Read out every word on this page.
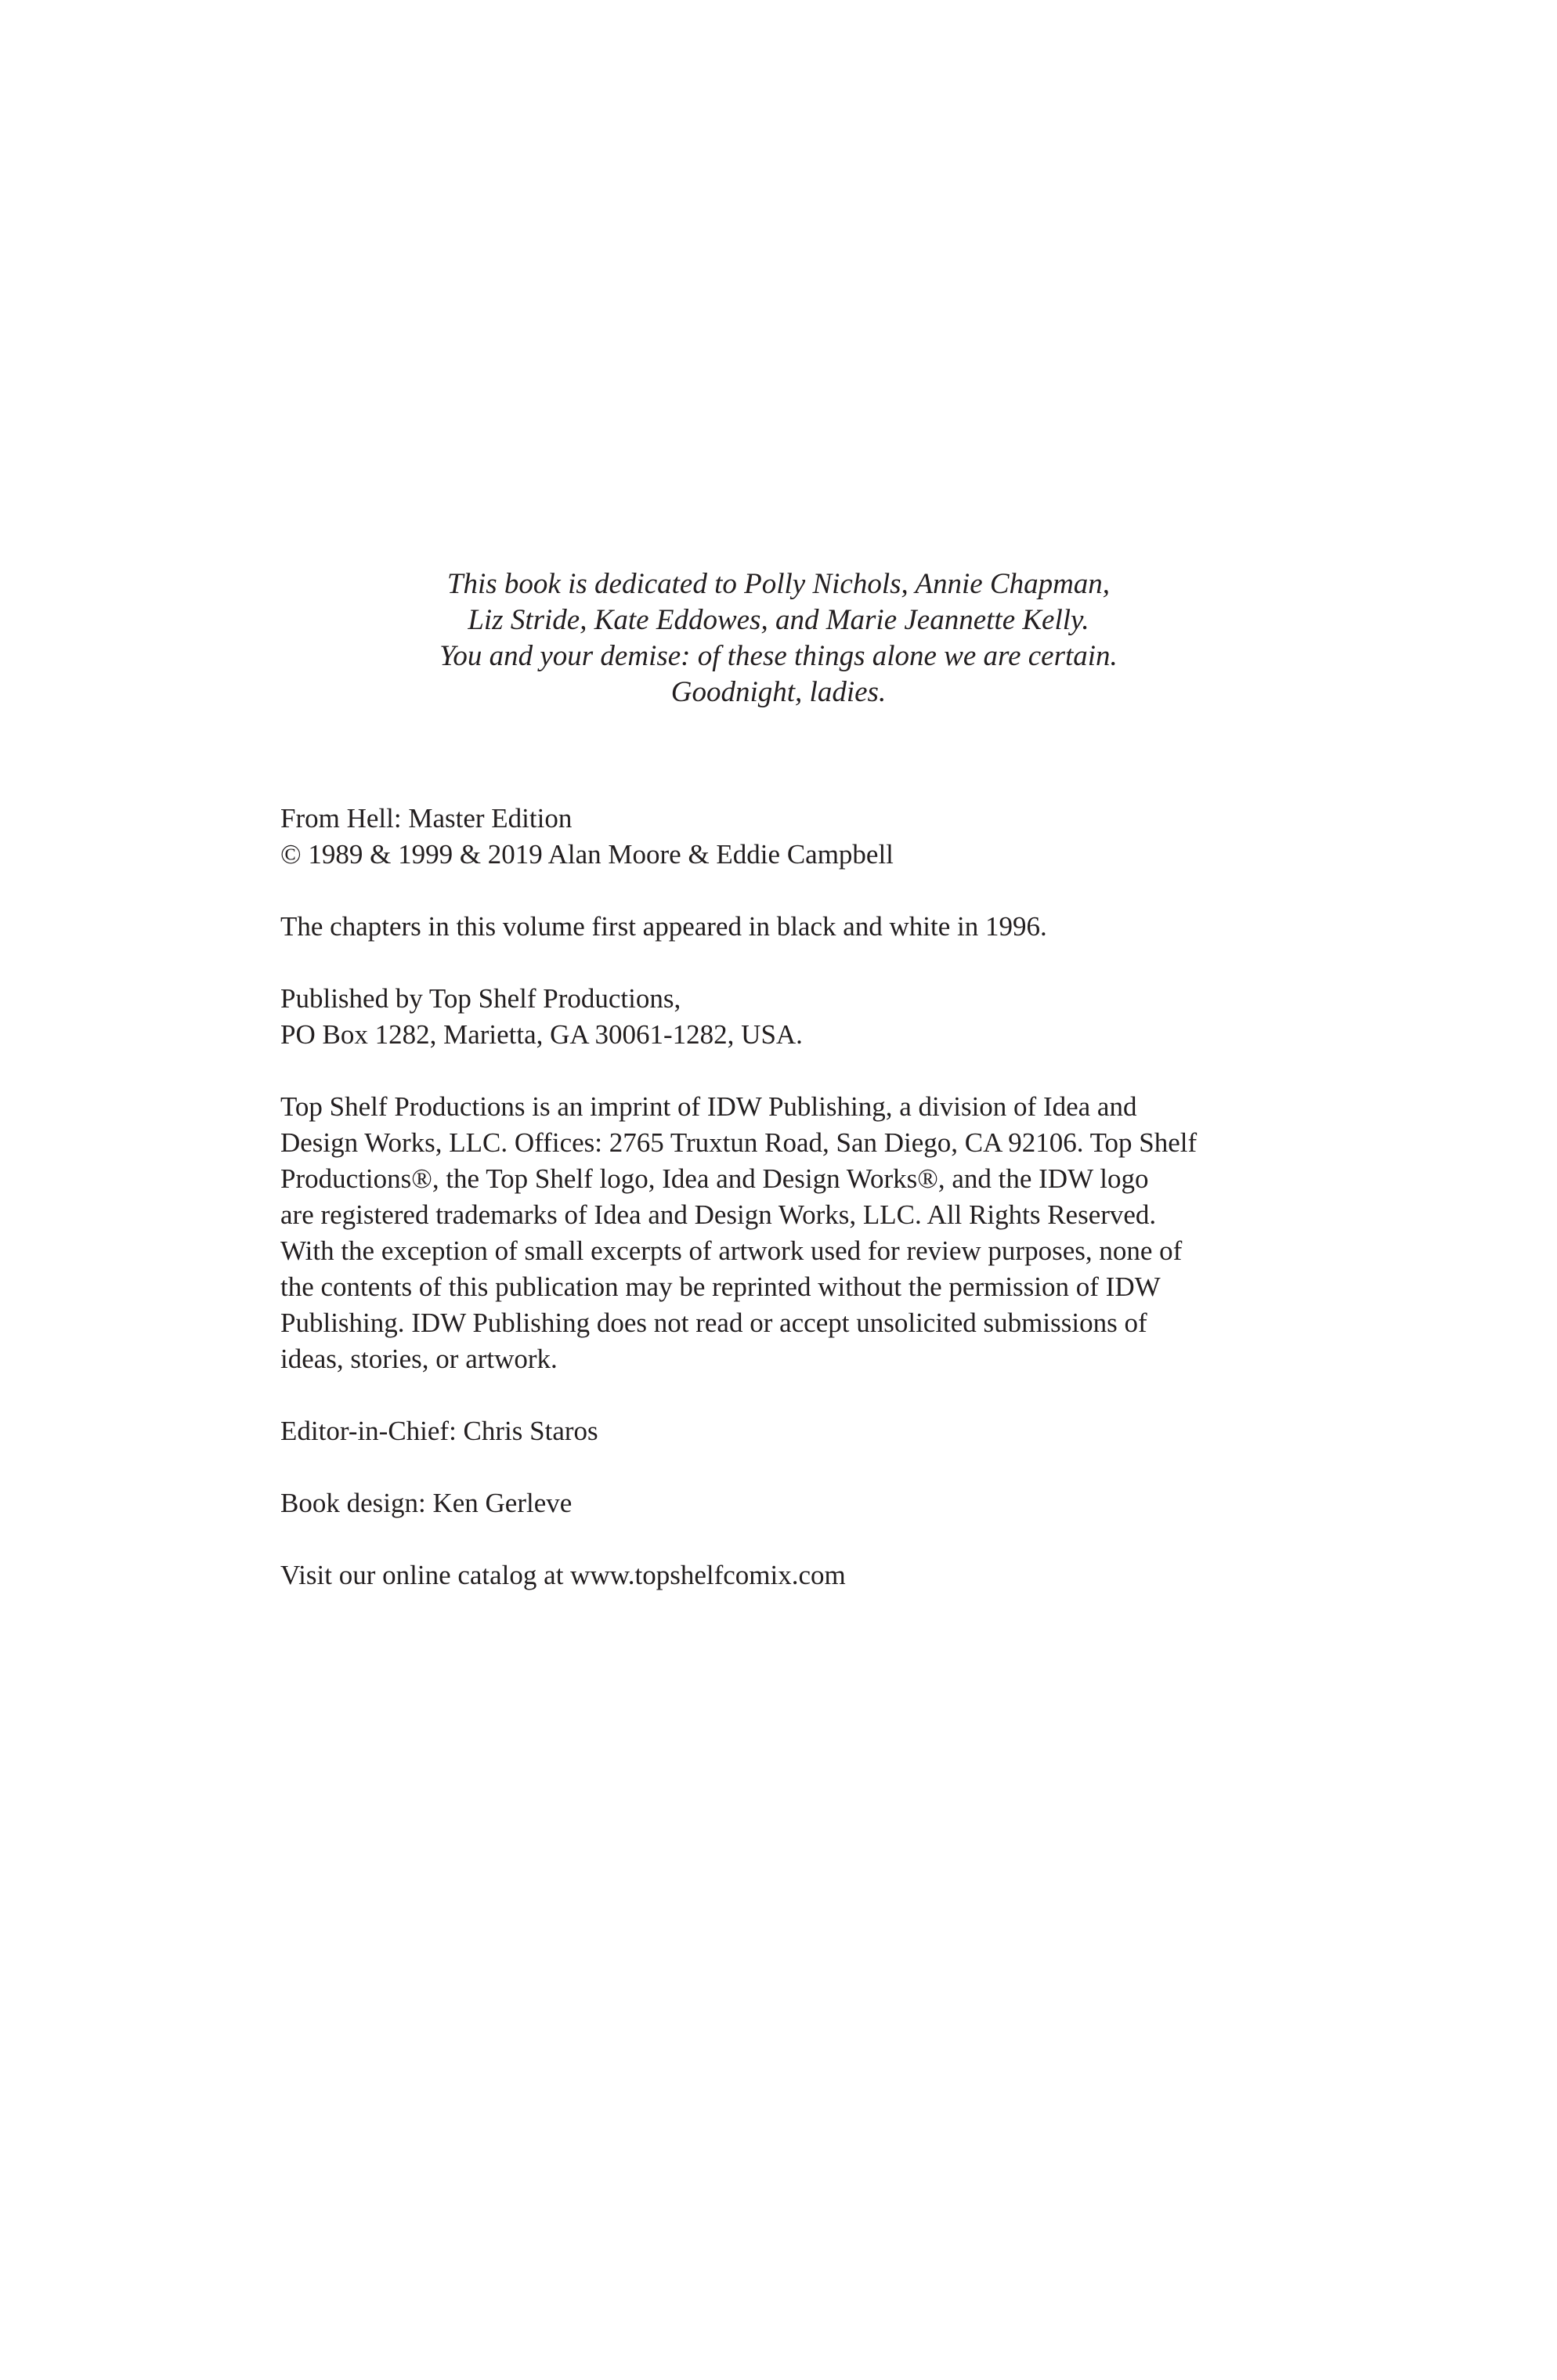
This book is dedicated to Polly Nichols, Annie Chapman,
Liz Stride, Kate Eddowes, and Marie Jeannette Kelly.
You and your demise: of these things alone we are certain.
Goodnight, ladies.
From Hell: Master Edition
© 1989 & 1999 & 2019 Alan Moore & Eddie Campbell
The chapters in this volume first appeared in black and white in 1996.
Published by Top Shelf Productions,
PO Box 1282, Marietta, GA 30061-1282, USA.
Top Shelf Productions is an imprint of IDW Publishing, a division of Idea and
Design Works, LLC. Offices: 2765 Truxtun Road, San Diego, CA 92106. Top Shelf
Productions®, the Top Shelf logo, Idea and Design Works®, and the IDW logo
are registered trademarks of Idea and Design Works, LLC. All Rights Reserved.
With the exception of small excerpts of artwork used for review purposes, none of
the contents of this publication may be reprinted without the permission of IDW
Publishing. IDW Publishing does not read or accept unsolicited submissions of
ideas, stories, or artwork.
Editor-in-Chief: Chris Staros
Book design: Ken Gerleve
Visit our online catalog at www.topshelfcomix.com
